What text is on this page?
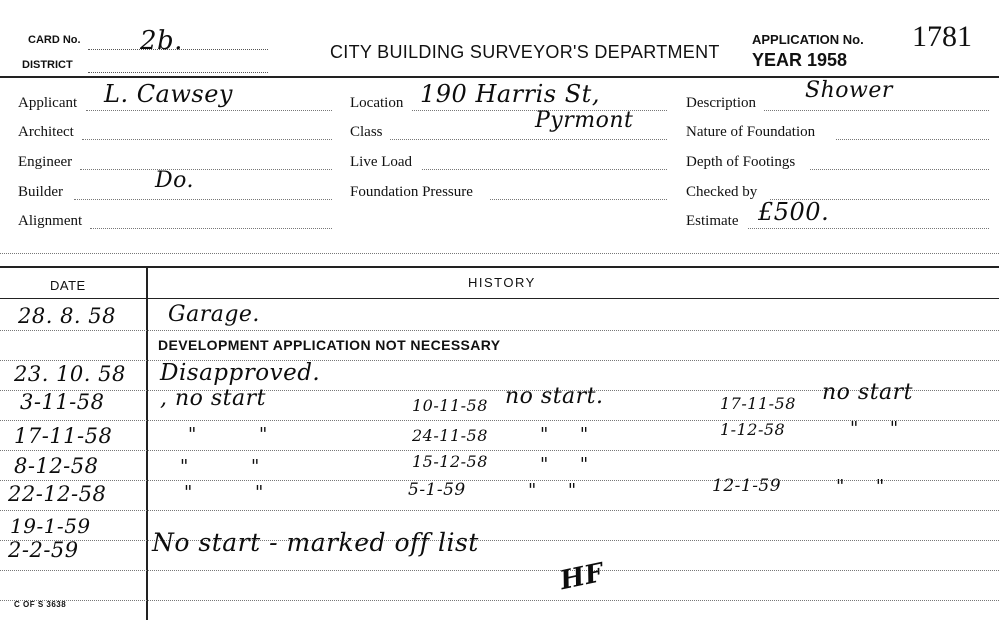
CARD No. 2b.
DISTRICT
CITY BUILDING SURVEYOR'S DEPARTMENT
APPLICATION No. 1781
YEAR 1958
Applicant L. Cawsey
Architect
Engineer
Builder	Do.
Alignment
Location 190 Harris St,
Class	Pyrmont
Live Load
Foundation Pressure
Description Shower
Nature of Foundation
Depth of Footings
Checked by
Estimate £500.
DATE	HISTORY
28. 8. 58 Garage.
DEVELOPMENT APPLICATION NOT NECESSARY
23. 10. 58 Disapproved.
3-11-58	, no start	10-11-58 no start.	17-11-58 no start
17-11-58	"          "	24-11-58	"     "	1-12-58	"     "
8-12-58	"          "	15-12-58	"     "
22-12-58	"          "	5-1-59	"     "	12-1-59	"     "
19-1-59
2-2-59	No start - marked off list
HF
C OF S 3638
